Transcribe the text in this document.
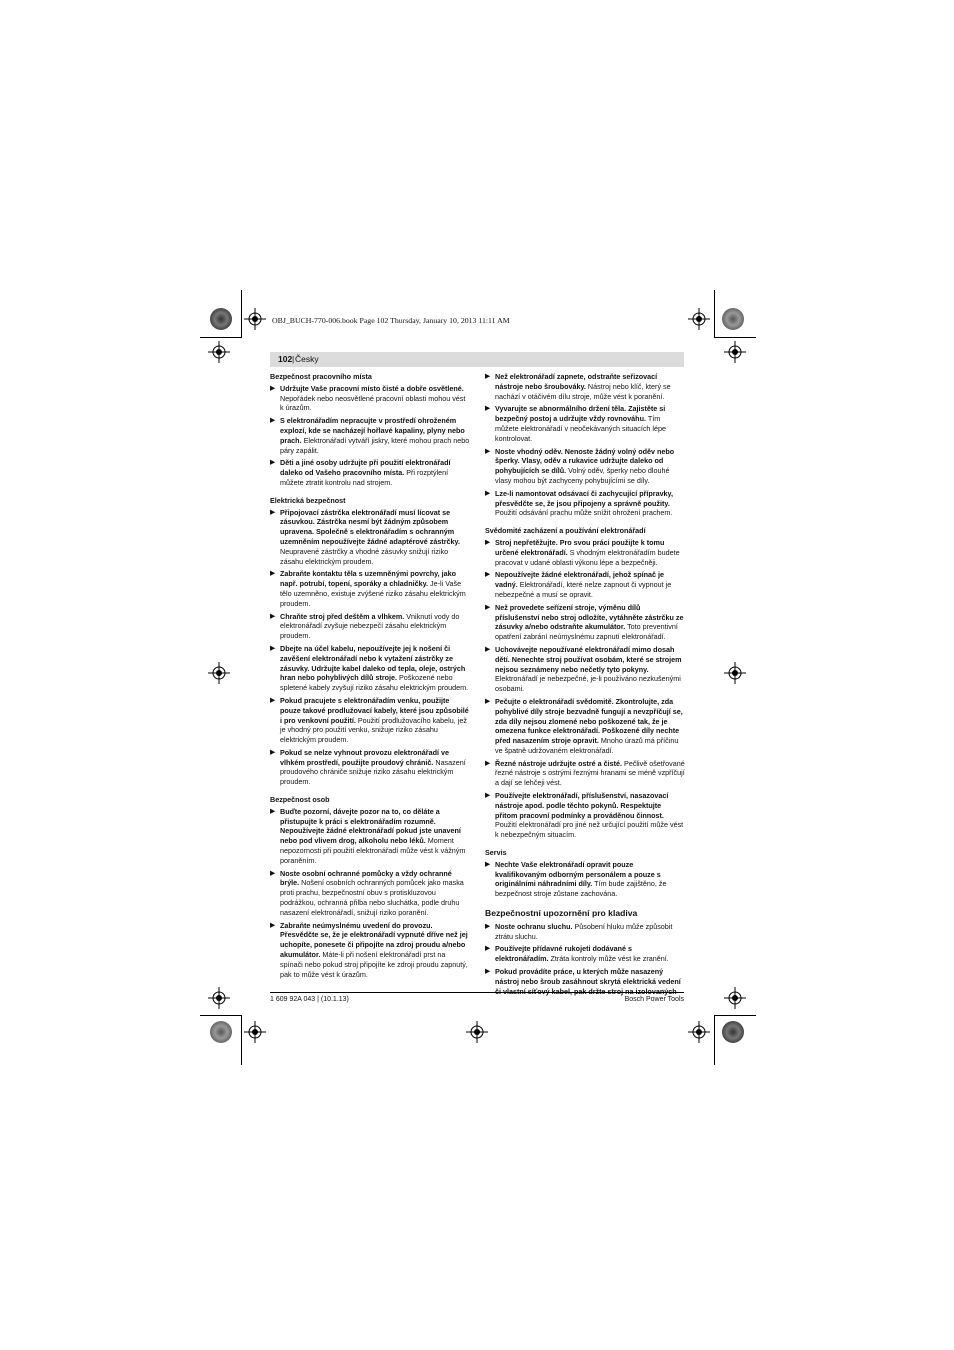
OBJ_BUCH-770-006.book Page 102 Thursday, January 10, 2013 11:11 AM
102 | Česky
Bezpečnost pracovního místa
▶ Udržujte Vaše pracovní místo čisté a dobře osvětlené. Nepořádek nebo neosvětlené pracovní oblasti mohou vést k úrazům.
▶ S elektronářadím nepracujte v prostředí ohroženém explozí, kde se nacházejí hořlavé kapaliny, plyny nebo prach. Elektronářadí vytváří jiskry, které mohou prach nebo páry zapálit.
▶ Děti a jiné osoby udržujte při použití elektronářadí daleko od Vašeho pracovního místa. Při rozptýlení můžete ztratit kontrolu nad strojem.
Elektrická bezpečnost
▶ Připojovací zástrčka elektronářadí musí lícovat se zásuvkou. Zástrčka nesmí být žádným způsobem upravena. Společně s elektronářadím s ochranným uzemněním nepoužívejte žádné adaptérové zástrčky. Neupravené zástrčky a vhodné zásuvky snižují riziko zásahu elektrickým proudem.
▶ Zabraňte kontaktu těla s uzemněnými povrchy, jako např. potrubí, topení, sporáky a chladničky. Je-li Vaše tělo uzemněno, existuje zvýšené riziko zásahu elektrickým proudem.
▶ Chraňte stroj před deštěm a vlhkem. Vniknutí vody do elektronářadí zvyšuje nebezpečí zásahu elektrickým proudem.
▶ Dbejte na účel kabelu, nepoužívejte jej k nošení či zavěšení elektronářadí nebo k vytažení zástrčky ze zásuvky. Udržujte kabel daleko od tepla, oleje, ostrých hran nebo pohyblivých dílů stroje. Poškozené nebo spletené kabely zvyšují riziko zásahu elektrickým proudem.
▶ Pokud pracujete s elektronářadím venku, použijte pouze takové prodlužovací kabely, které jsou způsobilé i pro venkovní použití. Použití prodlužovacího kabelu, jež je vhodný pro použití venku, snižuje riziko zásahu elektrickým proudem.
▶ Pokud se nelze vyhnout provozu elektronářadí ve vlhkém prostředí, použijte proudový chránič. Nasazení proudového chrániče snižuje riziko zásahu elektrickým proudem.
Bezpečnost osob
▶ Buďte pozorní, dávejte pozor na to, co děláte a přistupujte k práci s elektronářadím rozumně. Nepoužívejte žádné elektronářadí pokud jste unavení nebo pod vlivem drog, alkoholu nebo léků. Moment nepozornosti při použití elektronářadí může vést k vážným poraněním.
▶ Noste osobní ochranné pomůcky a vždy ochranné brýle. Nošení osobních ochranných pomůcek jako maska proti prachu, bezpečnostní obuv s protiskluzovou podrážkou, ochranná přilba nebo sluchátka, podle druhu nasazení elektronářadí, snižují riziko poranění.
▶ Zabraňte neúmyslnému uvedení do provozu. Přesvědčte se, že je elektronářadí vypnuté dříve než jej uchopíte, ponesete či připojíte na zdroj proudu a/nebo akumulátor. Máte-li při nošení elektronářadí prst na spínači nebo pokud stroj připojíte ke zdroji proudu zapnutý, pak to může vést k úrazům.
▶ Než elektronářadí zapnete, odstraňte seřizovací nástroje nebo šroubováky. Nástroj nebo klíč, který se nachází v otáčivém dílu stroje, může vést k poranění.
▶ Vyvarujte se abnormálního držení těla. Zajistěte si bezpečný postoj a udržujte vždy rovnováhu. Tím můžete elektronářadí v neočekávaných situacích lépe kontrolovat.
▶ Noste vhodný oděv. Nenoste žádný volný oděv nebo šperky. Vlasy, oděv a rukavice udržujte daleko od pohybujících se dílů. Volný oděv, šperky nebo dlouhé vlasy mohou být zachyceny pohybujícími se díly.
▶ Lze-li namontovat odsávací či zachycující přípravky, přesvědčte se, že jsou připojeny a správně použity. Použití odsávání prachu může snížit ohrožení prachem.
Svědomité zacházení a používání elektronářadí
▶ Stroj nepřetěžujte. Pro svou práci použijte k tomu určené elektronářadí. S vhodným elektronářadím budete pracovat v udané oblasti výkonu lépe a bezpečněji.
▶ Nepoužívejte žádné elektronářadí, jehož spínač je vadný. Elektronářadí, které nelze zapnout či vypnout je nebezpečné a musí se opravit.
▶ Než provedete seřízení stroje, výměnu dílů příslušenství nebo stroj odložíte, vytáhněte zástrčku ze zásuvky a/nebo odstraňte akumulátor. Toto preventivní opatření zabrání neúmyslnému zapnutí elektronářadí.
▶ Uchovávejte nepoužívané elektronářadí mimo dosah dětí. Nenechte stroj používat osobám, které se strojem nejsou seznámeny nebo nečetly tyto pokyny. Elektronářadí je nebezpečné, je-li používáno nezkušenými osobami.
▶ Pečujte o elektronářadí svědomitě. Zkontrolujte, zda pohyblivé díly stroje bezvadně fungují a nevzpříčují se, zda díly nejsou zlomené nebo poškozené tak, že je omezena funkce elektronářadí. Poškozené díly nechte před nasazením stroje opravit. Mnoho úrazů má příčinu ve špatně udržovaném elektronářadí.
▶ Řezné nástroje udržujte ostré a čisté. Pečlivě ošetřované řezné nástroje s ostrými řeznými hranami se méně vzpříčují a dají se lehčeji vést.
▶ Používejte elektronářadí, příslušenství, nasazovací nástroje apod. podle těchto pokynů. Respektujte přitom pracovní podmínky a prováděnou činnost. Použití elektronářadí pro jiné než určující použití může vést k nebezpečným situacím.
Servis
▶ Nechte Vaše elektronářadí opravit pouze kvalifikovaným odborným personálem a pouze s originálními náhradními díly. Tím bude zajištěno, že bezpečnost stroje zůstane zachována.
Bezpečnostní upozornění pro kladiva
▶ Noste ochranu sluchu. Působení hluku může způsobit ztrátu sluchu.
▶ Používejte přídavné rukojeti dodávané s elektronářadím. Ztráta kontroly může vést ke zranění.
▶ Pokud provádíte práce, u kterých může nasazený nástroj nebo šroub zasáhnout skrytá elektrická vedení
1 609 92A 043 | (10.1.13)	Bosch Power Tools
